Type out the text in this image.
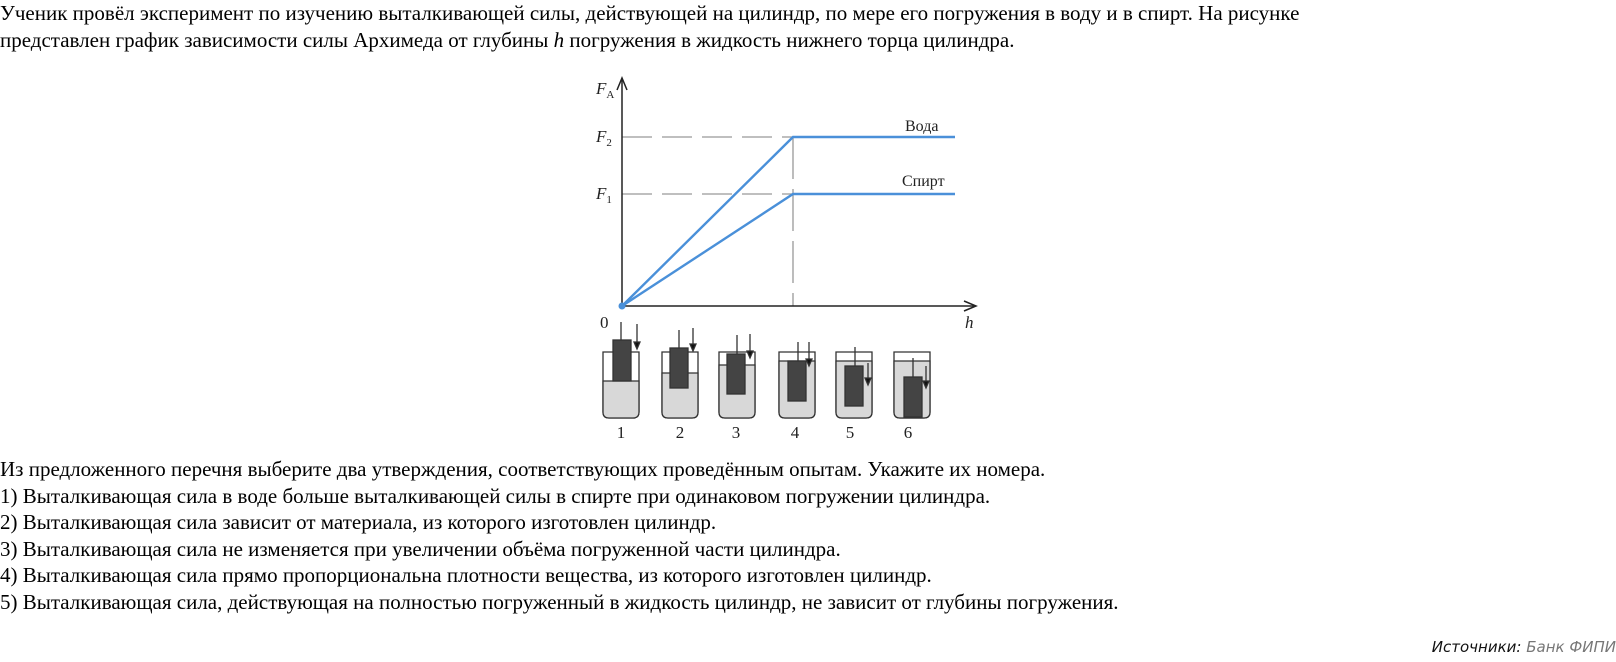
Ученик провёл эксперимент по изучению выталкивающей силы, действующей на цилиндр, по мере его погружения в воду и в спирт. На рисунке
представлен график зависимости силы Архимеда от глубины h погружения в жидкость нижнего торца цилиндра.
$F_A$
$F_2$
$F_1$
0	h
Вода
Спирт
1	2	3	4	5	6

Из предложенного перечня выберите два утверждения, соответствующих проведённым опытам. Укажите их номера.

1) Выталкивающая сила в воде больше выталкивающей силы в спирте при одинаковом погружении цилиндра.

2) Выталкивающая сила зависит от материала, из которого изготовлен цилиндр.

3) Выталкивающая сила не изменяется при увеличении объёма погруженной части цилиндра.

4) Выталкивающая сила прямо пропорциональна плотности вещества, из которого изготовлен цилиндр.

5) Выталкивающая сила, действующая на полностью погруженный в жидкость цилиндр, не зависит от глубины погружения.

Источники: Банк ФИПИ
